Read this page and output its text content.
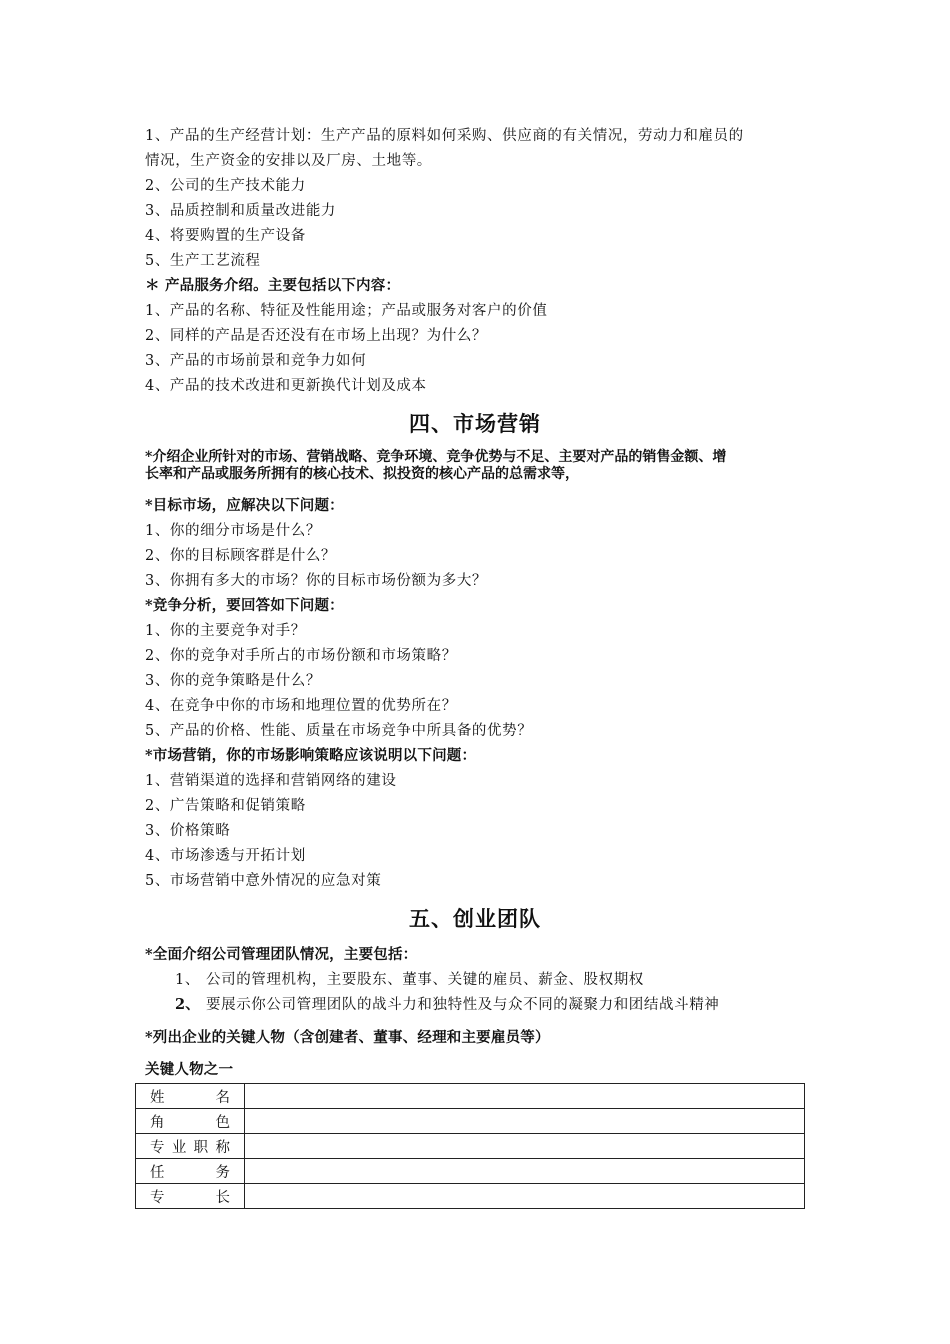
1、产品的生产经营计划：生产产品的原料如何采购、供应商的有关情况，劳动力和雇员的
情况，生产资金的安排以及厂房、土地等。
2、公司的生产技术能力
3、品质控制和质量改进能力
4、将要购置的生产设备
5、生产工艺流程
＊ 产品服务介绍。主要包括以下内容：
1、产品的名称、特征及性能用途；产品或服务对客户的价值
2、同样的产品是否还没有在市场上出现？为什么？
3、产品的市场前景和竞争力如何
4、产品的技术改进和更新换代计划及成本
四、市场营销
*介绍企业所针对的市场、营销战略、竞争环境、竞争优势与不足、主要对产品的销售金额、增
长率和产品或服务所拥有的核心技术、拟投资的核心产品的总需求等，
*目标市场，应解决以下问题：
1、你的细分市场是什么？
2、你的目标顾客群是什么？
3、你拥有多大的市场？你的目标市场份额为多大？
*竞争分析，要回答如下问题：
1、你的主要竞争对手？
2、你的竞争对手所占的市场份额和市场策略？
3、你的竞争策略是什么？
4、在竞争中你的市场和地理位置的优势所在？
5、产品的价格、性能、质量在市场竞争中所具备的优势？
*市场营销，你的市场影响策略应该说明以下问题：
1、营销渠道的选择和营销网络的建设
2、广告策略和促销策略
3、价格策略
4、市场渗透与开拓计划
5、市场营销中意外情况的应急对策
五、创业团队
*全面介绍公司管理团队情况，主要包括：
1、 公司的管理机构，主要股东、董事、关键的雇员、薪金、股权期权
2、 要展示你公司管理团队的战斗力和独特性及与众不同的凝聚力和团结战斗精神
*列出企业的关键人物（含创建者、董事、经理和主要雇员等）
关键人物之一
姓名	
角色	
专业职称	
任务	
专长	
